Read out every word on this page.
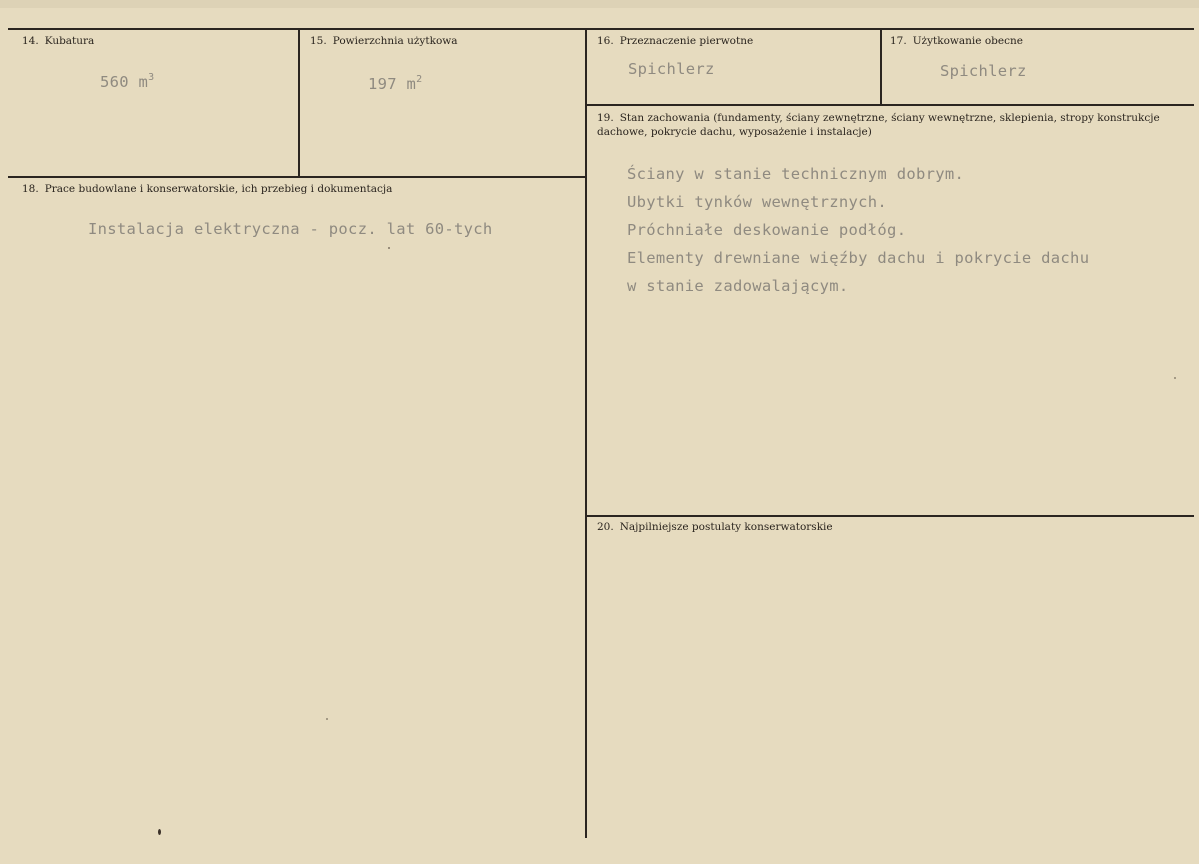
14. Kubatura
560 $m^3$
15. Powierzchnia użytkowa
197 $m^2$
16. Przeznaczenie pierwotne
Spichlerz
17. Użytkowanie obecne
Spichlerz
18. Prace budowlane i konserwatorskie, ich przebieg i dokumentacja
Instalacja elektryczna - pocz. lat 60-tych
19. Stan zachowania (fundamenty, ściany zewnętrzne, ściany wewnętrzne, sklepienia, stropy konstrukcje dachowe, pokrycie dachu, wyposażenie i instalacje)
Ściany w stanie technicznym dobrym.
Ubytki tynków wewnętrznych.
Próchniałe deskowanie podłóg.
Elementy drewniane więźby dachu i pokrycie dachu
w stanie zadowalającym.
20. Najpilniejsze postulaty konserwatorskie
